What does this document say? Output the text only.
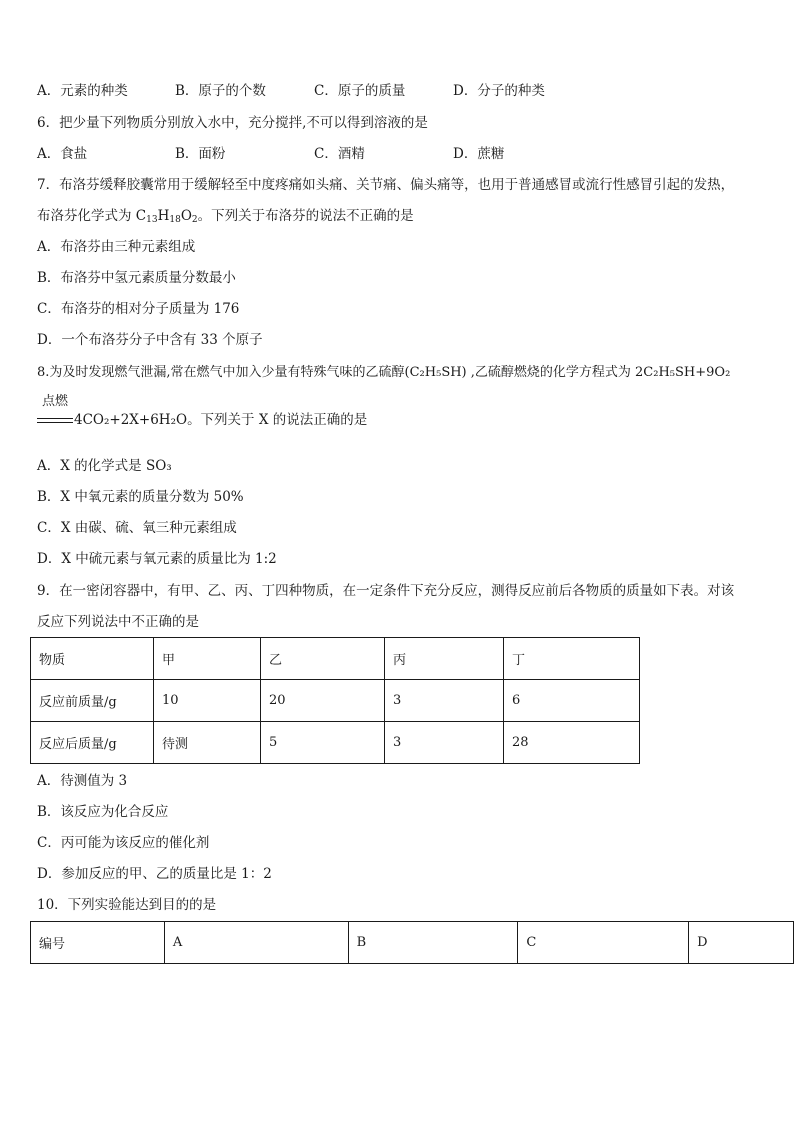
A．元素的种类	B．原子的个数	C．原子的质量	D．分子的种类
6．把少量下列物质分别放入水中，充分搅拌,不可以得到溶液的是
A．食盐	B．面粉	C．酒精	D．蔗糖
7．布洛芬缓释胶囊常用于缓解轻至中度疼痛如头痛、关节痛、偏头痛等，也用于普通感冒或流行性感冒引起的发热，
布洛芬化学式为 $C_{13}H_{18}O_2$。下列关于布洛芬的说法不正确的是
A．布洛芬由三种元素组成
B．布洛芬中氢元素质量分数最小
C．布洛芬的相对分子质量为 176
D．一个布洛芬分子中含有 33 个原子
8.为及时发现燃气泄漏,常在燃气中加入少量有特殊气味的乙硫醇(C₂H₅SH) ,乙硫醇燃烧的化学方程式为 2C₂H₅SH+9O₂
点燃
4CO₂+2X+6H₂O。下列关于 X 的说法正确的是
A．X 的化学式是 SO₃
B．X 中氧元素的质量分数为 50%
C．X 由碳、硫、氧三种元素组成
D．X 中硫元素与氧元素的质量比为 1:2
9．在一密闭容器中，有甲、乙、丙、丁四种物质，在一定条件下充分反应，测得反应前后各物质的质量如下表。对该
反应下列说法中不正确的是
物质	甲	乙	丙	丁
反应前质量/g	10	20	3	6
反应后质量/g	待测	5	3	28
A．待测值为 3
B．该反应为化合反应
C．丙可能为该反应的催化剂
D．参加反应的甲、乙的质量比是 1：2
10．下列实验能达到目的的是
编号	A	B	C	D
